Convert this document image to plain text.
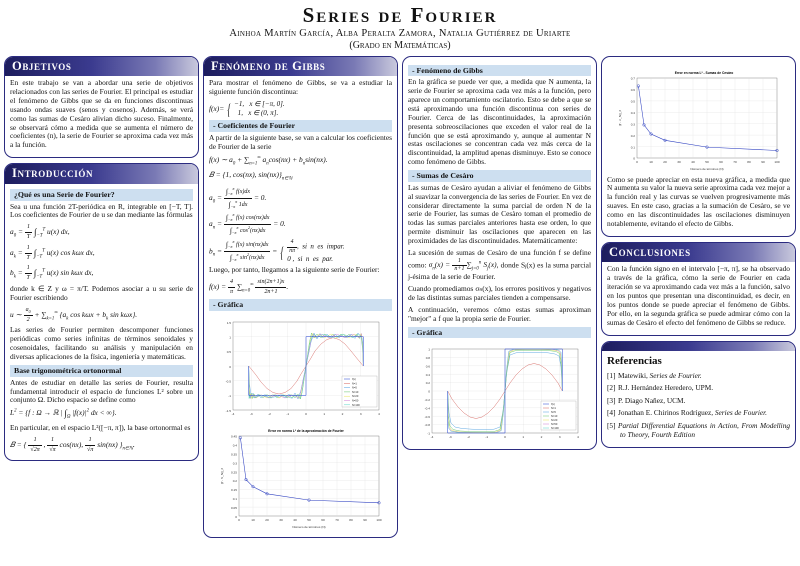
Series de Fourier
Ainhoa Martín García, Alba Peralta Zamora, Natalia Gutiérrez de Uriarte
(Grado en Matemáticas)
Objetivos

En este trabajo se van a abordar una serie de objetivos relacionados con las series de Fourier. El principal es estudiar el fenómeno de Gibbs que se da en funciones discontinuas usando ondas suaves (senos y cosenos). Además, se verá como las sumas de Cesàro alivian dicho suceso. Finalmente, se observará cómo a medida que se aumenta el número de coeficientes (n), la serie de Fourier se aproxima cada vez más a la función.

Introducción
¿Qué es una Serie de Fourier?

Sea u una función 2T-periódica en R, integrable en [−T, T]. Los coeficientes de Fourier de u se dan mediante las fórmulas

$a_0 = \frac{1}{T} \int_{-T}^T$ u(x) dx,
$a_k = \frac{1}{T} \int_{-T}^T$ u(x) cos kωx dx,
$b_k = \frac{1}{T} \int_{-T}^T$ u(x) sin kωx dx,

donde k ∈ Z y ω = π/T. Podemos asociar a u su serie de Fourier escribiendo

u ∼ $\frac{a_0}{2} + \sum_{k=1}^\infty$ {$a_k$ $\cos k\omega x + b_k$ sin kωx}.

Las series de Fourier permiten descomponer funciones periódicas como series infinitas de términos senoidales y cosenoidales, facilitando su análisis y manipulación en diversas aplicaciones de la física, ingeniería y matemáticas.

Base trigonométrica ortonormal

Antes de estudiar en detalle las series de Fourier, resulta fundamental introducir el espacio de funciones L² sobre un conjunto Ω. Dicho espacio se define como

$L^2 = \{f$ : Ω → ℝ | $\int_\Omega$ $|f(x)|^2$ dx < ∞}.

En particular, en el espacio L²([−π, π]), la base ortonormal es

𝐵 = { $\frac{1}{√2\pi}$ , $\frac{1}{√\pi} \cos(nx)$, $\frac{1}{√\pi} \sin(nx)$ }$_{n\in ℕ}$.
Fenómeno de Gibbs

Para mostrar el fenómeno de Gibbs, se va a estudiar la siguiente función discontinua:

f(x)= { −1,   x ∈ [−π, 0].
1,   x ∈ (0, π].
- Coeficientes de Fourier

A partir de la siguiente base, se van a calcular los coeficientes de Fourier de la serie

f(x) ∼ $a_0 + \sum_{n=1}^\infty$ $a_n\cos(nx) + b_n\sin(nx)$.
𝐵 = {1, cos(nx), $\sin(nx)\}_{n\in ℕ}$
$a_0 = \frac{\int_{-\pi}^\pi f(x)dx}{\int_{-\pi}^\pi 1dx} = 0$.
$a_n = \frac{\int_{-\pi}^\pi f(x) \cos(nx)dx}{\int_{-\pi}^\pi \cos^2(nx)dx} = 0$.
$b_n = \frac{\int_{-\pi}^\pi f(x) \sin(nx)dx}{\int_{-\pi}^\pi \sin^2(nx)dx}$ = { $\frac{4}{n\pi}$ ,  si  n  es  impar.
0 ,  si  n  es  par.

Luego, por tanto, llegamos a la siguiente serie de Fourier:

$f(x) = \frac{4}{\pi} \sum_{n=0}^\infty \frac{\sin(2n+1)x}{2n+1}$ .
- Gráfica
1.5
1
0.5
0
-0.5
-1
-1.5
-4	-3	-2	-1	0	1	2	3	4
f(x)
N=1
N=5
N=10
N=20
N=50
N=100
Error en norma L² de la aproximación de Fourier
0.45
0.4
0.35
0.3
0.25
0.2
0.15
0.1
0.05
0
0	10	20	30	40	50	60	70	80	90	100
Número de términos (N)
||f - S_N||_2
- Fenómeno de Gibbs

En la gráfica se puede ver que, a medida que N aumenta, la serie de Fourier se aproxima cada vez más a la función, pero aparece un comportamiento oscilatorio. Esto se debe a que se está aproximando una función discontinua con series de Fourier. Cerca de las discontinuidades, la aproximación presenta sobreoscilaciones que exceden el valor real de la función que se está aproximando y, aunque al aumentar N estas oscilaciones se concentran cada vez más cerca de la discontinuidad, la amplitud apenas disminuye. Esto se conoce como fenómeno de Gibbs.

- Sumas de Cesàro

Las sumas de Cesàro ayudan a aliviar el fenómeno de Gibbs al suavizar la convergencia de las series de Fourier. En vez de considerar directamente la suma parcial de orden N de la serie de Fourier, las sumas de Cesàro toman el promedio de todas las sumas parciales anteriores hasta ese orden, lo que permite disminuir las oscilaciones que aparecen en las proximidades de las discontinuidades. Matemáticamente:

La sucesión de sumas de Cesàro de una función f se define como: $\sigma_n(x) = \frac{1}{n+1} \sum_{j=0}^n$ $S_j(x)$, donde Sⱼ(x) es la suma parcial j-ésima de la serie de Fourier.

Cuando promediamos σₙ(x), los errores positivos y negativos de las distintas sumas parciales tienden a compensarse.

A continuación, veremos cómo estas sumas aproximan "mejor" a f que la propia serie de Fourier.

- Gráfica
1
0.8
0.6
0.4
0.2
0
-0.2
-0.4
-0.6
-0.8
-1
-4	-3	-2	-1	0	1	2	3	4
f(x)
N=1
N=5
N=10
N=20
N=50
N=100
Error en norma L² - Sumas de Cesàro
0.7
0.6
0.5
0.4
0.3
0.2
0.1
0
0	10	20	30	40	50	60	70	80	90	100
Número de términos (N)
||f - σ_N||_2

Como se puede apreciar en esta nueva gráfica, a medida que N aumenta su valor la nueva serie aproxima cada vez mejor a la función real y las curvas se vuelven progresivamente más suaves. En este caso, gracias a la sumación de Cesàro, se ve como en las discontinuidades las oscilaciones disminuyen notablemente, evitando el efecto de Gibbs.

Conclusiones

Con la función signo en el intervalo [−π, π], se ha observado a través de la gráfica, cómo la serie de Fourier en cada iteración se va aproximando cada vez más a la función, salvo en los puntos que presentan una discontinuidad, es decir, en los puntos donde se puede apreciar el fenómeno de Gibbs. Por ello, en la segunda gráfica se puede admirar cómo con la sumas de Cesàro el efecto del fenómeno de Gibbs se reduce.

Referencias
[1] Matewiki, Series de Fourier.
[2] R.J. Hernández Heredero, UPM.
[3] P. Diago Nañez, UCM.
[4] Jonathan E. Chirinos Rodríguez, Series de Fourier.
[5] Partial Differential Equations in Action, From Modelling to Theory, Fourth Edition
